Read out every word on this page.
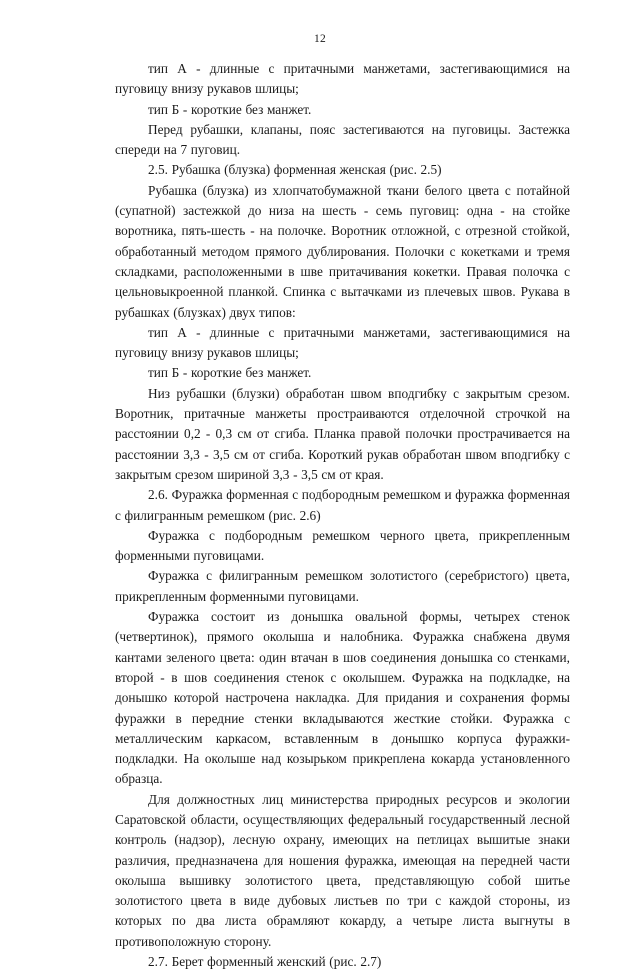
12

тип А - длинные с притачными манжетами, застегивающимися на пуговицу внизу рукавов шлицы;

тип Б - короткие без манжет.

Перед рубашки, клапаны, пояс застегиваются на пуговицы. Застежка спереди на 7 пуговиц.

2.5. Рубашка (блузка) форменная женская (рис. 2.5)

Рубашка (блузка) из хлопчатобумажной ткани белого цвета с потайной (супатной) застежкой до низа на шесть - семь пуговиц: одна - на стойке воротника, пять-шесть - на полочке. Воротник отложной, с отрезной стойкой, обработанный методом прямого дублирования. Полочки с кокетками и тремя складками, расположенными в шве притачивания кокетки. Правая полочка с цельновыкроенной планкой. Спинка с вытачками из плечевых швов. Рукава в рубашках (блузках) двух типов:

тип А - длинные с притачными манжетами, застегивающимися на пуговицу внизу рукавов шлицы;

тип Б - короткие без манжет.

Низ рубашки (блузки) обработан швом вподгибку с закрытым срезом. Воротник, притачные манжеты простраиваются отделочной строчкой на расстоянии 0,2 - 0,3 см от сгиба. Планка правой полочки прострачивается на расстоянии 3,3 - 3,5 см от сгиба. Короткий рукав обработан швом вподгибку с закрытым срезом шириной 3,3 - 3,5 см от края.

2.6. Фуражка форменная с подбородным ремешком и фуражка форменная с филигранным ремешком (рис. 2.6)

Фуражка с подбородным ремешком черного цвета, прикрепленным форменными пуговицами.

Фуражка с филигранным ремешком золотистого (серебристого) цвета, прикрепленным форменными пуговицами.

Фуражка состоит из донышка овальной формы, четырех стенок (четвертинок), прямого околыша и налобника. Фуражка снабжена двумя кантами зеленого цвета: один втачан в шов соединения донышка со стенками, второй - в шов соединения стенок с околышем. Фуражка на подкладке, на донышко которой настрочена накладка. Для придания и сохранения формы фуражки в передние стенки вкладываются жесткие стойки. Фуражка с металлическим каркасом, вставленным в донышко корпуса фуражки-подкладки. На околыше над козырьком прикреплена кокарда установленного образца.

Для должностных лиц министерства природных ресурсов и экологии Саратовской области, осуществляющих федеральный государственный лесной контроль (надзор), лесную охрану, имеющих на петлицах вышитые знаки различия, предназначена для ношения фуражка, имеющая на передней части околыша вышивку золотистого цвета, представляющую собой шитье золотистого цвета в виде дубовых листьев по три с каждой стороны, из которых по два листа обрамляют кокарду, а четыре листа выгнуты в противоположную сторону.

2.7. Берет форменный женский (рис. 2.7)
